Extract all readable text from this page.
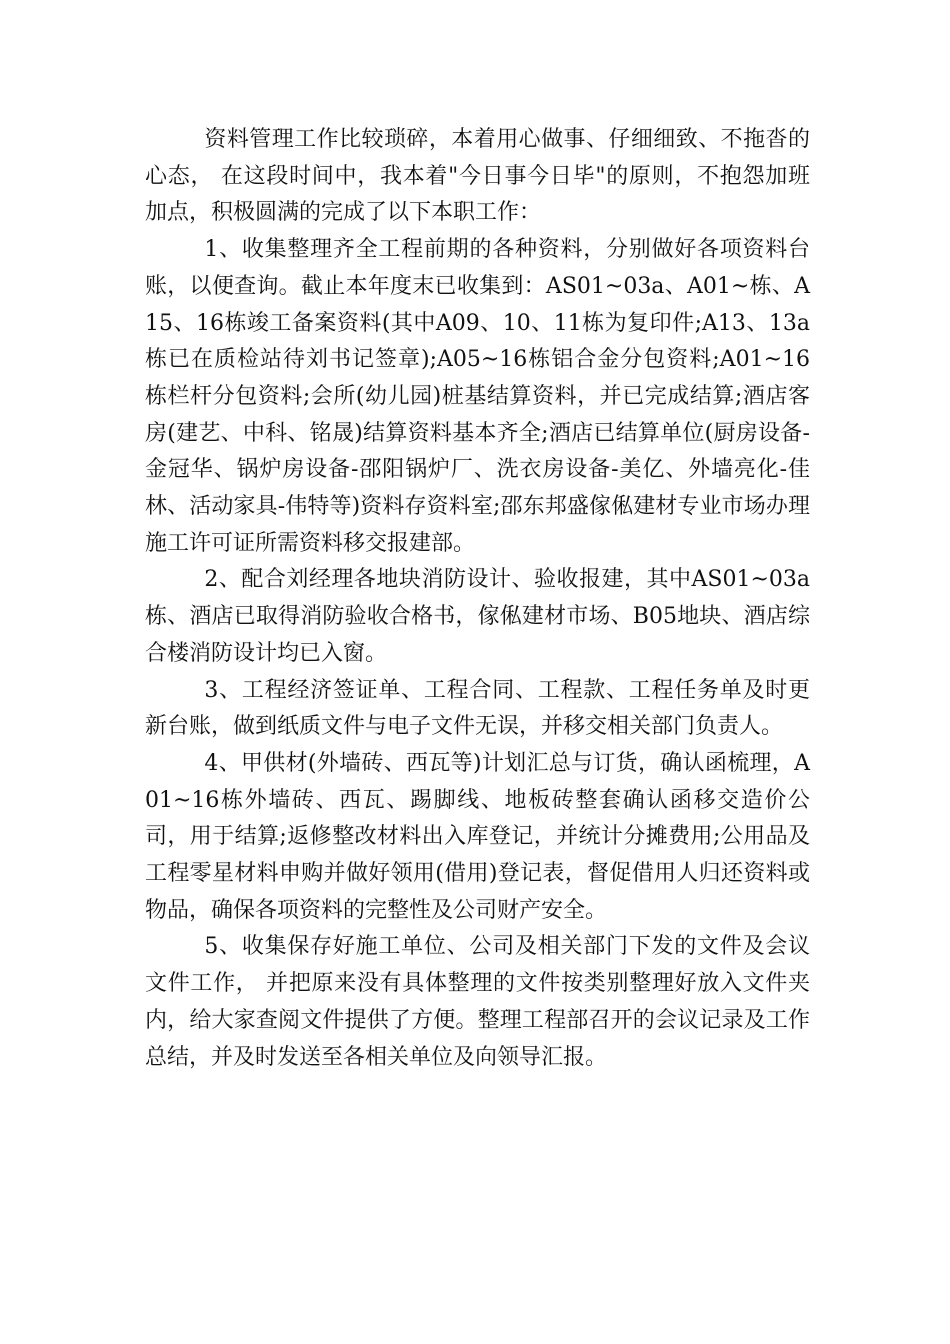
资料管理工作比较琐碎，本着用心做事、仔细细致、不拖沓的心态， 在这段时间中，我本着"今日事今日毕"的原则，不抱怨加班加点，积极圆满的完成了以下本职工作：

1、收集整理齐全工程前期的各种资料，分别做好各项资料台账，以便查询。截止本年度末已收集到：AS01~03a、A01~栋、A15、16栋竣工备案资料(其中A09、10、11栋为复印件;A13、13a栋已在质检站待刘书记签章);A05~16栋铝合金分包资料;A01~16栋栏杆分包资料;会所(幼儿园)桩基结算资料，并已完成结算;酒店客房(建艺、中科、铭晟)结算资料基本齐全;酒店已结算单位(厨房设备-金冠华、锅炉房设备-邵阳锅炉厂、洗衣房设备-美亿、外墙亮化-佳林、活动家具-伟特等)资料存资料室;邵东邦盛傢俬建材专业市场办理施工许可证所需资料移交报建部。

2、配合刘经理各地块消防设计、验收报建，其中AS01~03a栋、酒店已取得消防验收合格书，傢俬建材市场、B05地块、酒店综合楼消防设计均已入窗。

3、工程经济签证单、工程合同、工程款、工程任务单及时更新台账，做到纸质文件与电子文件无误，并移交相关部门负责人。

4、甲供材(外墙砖、西瓦等)计划汇总与订货，确认函梳理，A01~16栋外墙砖、西瓦、踢脚线、地板砖整套确认函移交造价公司，用于结算;返修整改材料出入库登记，并统计分摊费用;公用品及工程零星材料申购并做好领用(借用)登记表，督促借用人归还资料或物品，确保各项资料的完整性及公司财产安全。

5、收集保存好施工单位、公司及相关部门下发的文件及会议文件工作， 并把原来没有具体整理的文件按类别整理好放入文件夹内，给大家查阅文件提供了方便。整理工程部召开的会议记录及工作总结，并及时发送至各相关单位及向领导汇报。
